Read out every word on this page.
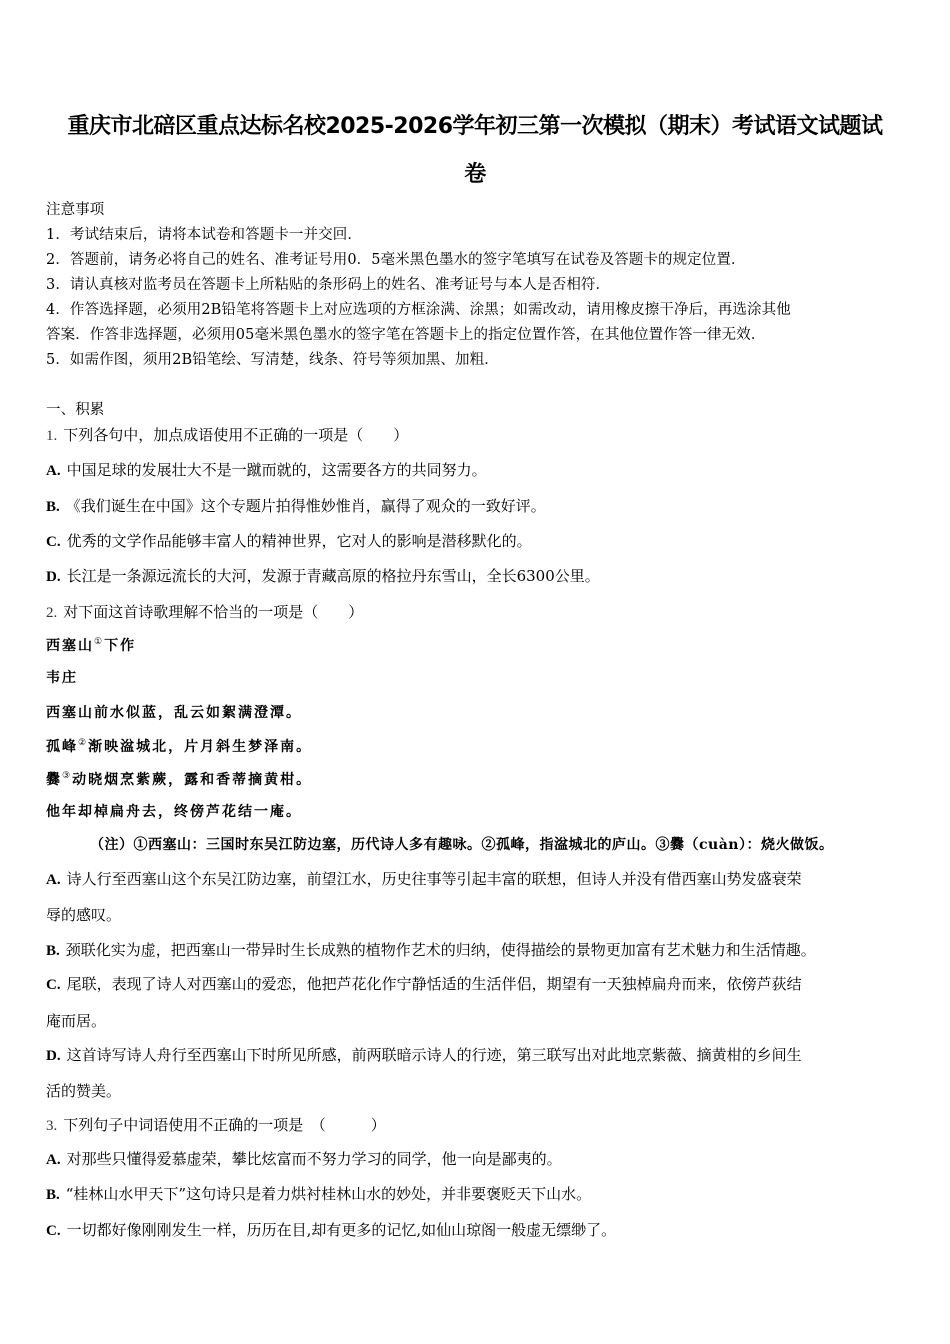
重庆市北碚区重点达标名校2025-2026学年初三第一次模拟（期末）考试语文试题试
卷
注意事项
1．考试结束后，请将本试卷和答题卡一并交回．
2．答题前，请务必将自己的姓名、准考证号用0．5毫米黑色墨水的签字笔填写在试卷及答题卡的规定位置．
3．请认真核对监考员在答题卡上所粘贴的条形码上的姓名、准考证号与本人是否相符．
4．作答选择题，必须用2B铅笔将答题卡上对应选项的方框涂满、涂黑；如需改动，请用橡皮擦干净后，再选涂其他
答案．作答非选择题，必须用05毫米黑色墨水的签字笔在答题卡上的指定位置作答，在其他位置作答一律无效．
5．如需作图，须用2B铅笔绘、写清楚，线条、符号等须加黑、加粗．
一、积累
1. 下列各句中，加点成语使用不正确的一项是（　　）
A. 中国足球的发展壮大不是一蹴而就的，这需要各方的共同努力。
B. 《我们诞生在中国》这个专题片拍得惟妙惟肖，赢得了观众的一致好评。
C. 优秀的文学作品能够丰富人的精神世界，它对人的影响是潜移默化的。
D. 长江是一条源远流长的大河，发源于青藏高原的格拉丹东雪山，全长6300公里。
2. 对下面这首诗歌理解不恰当的一项是（　　）
西塞山①下作
韦庄
西塞山前水似蓝，乱云如絮满澄潭。
孤峰②渐映湓城北，片月斜生梦泽南。
爨③动晓烟烹紫蕨，露和香蒂摘黄柑。
他年却棹扁舟去，终傍芦花结一庵。
（注）①西塞山：三国时东吴江防边塞，历代诗人多有趣咏。②孤峰，指湓城北的庐山。③爨（cuàn）：烧火做饭。
A. 诗人行至西塞山这个东吴江防边塞，前望江水，历史往事等引起丰富的联想，但诗人并没有借西塞山势发盛衰荣
辱的感叹。
B. 颈联化实为虚，把西塞山一带异时生长成熟的植物作艺术的归纳，使得描绘的景物更加富有艺术魅力和生活情趣。
C. 尾联，表现了诗人对西塞山的爱恋，他把芦花化作宁静恬适的生活伴侣，期望有一天独棹扁舟而来，依傍芦荻结
庵而居。
D. 这首诗写诗人舟行至西塞山下时所见所感，前两联暗示诗人的行迹，第三联写出对此地烹紫薇、摘黄柑的乡间生
活的赞美。
3. 下列句子中词语使用不正确的一项是　（　　　）
A. 对那些只懂得爱慕虚荣，攀比炫富而不努力学习的同学，他一向是鄙夷的。
B. “桂林山水甲天下”这句诗只是着力烘衬桂林山水的妙处，并非要褒贬天下山水。
C. 一切都好像刚刚发生一样，历历在目,却有更多的记忆,如仙山琼阁一般虚无缥缈了。
